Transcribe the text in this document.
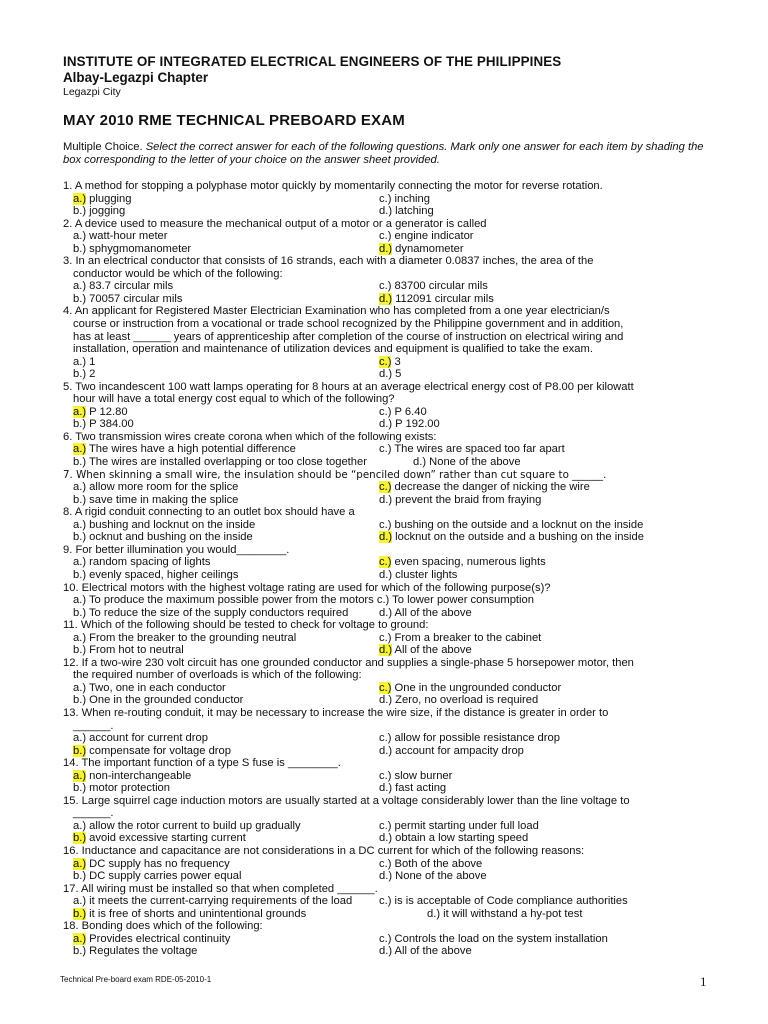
INSTITUTE OF INTEGRATED ELECTRICAL ENGINEERS OF THE PHILIPPINES
Albay-Legazpi Chapter
Legazpi City
MAY 2010 RME TECHNICAL PREBOARD EXAM
Multiple Choice. Select the correct answer for each of the following questions. Mark only one answer for each item by shading the box corresponding to the letter of your choice on the answer sheet provided.
1. A method for stopping a polyphase motor quickly by momentarily connecting the motor for reverse rotation.
a.) plugging	c.) inching
b.) jogging	d.) latching
2. A device used to measure the mechanical output of a motor or a generator is called
a.) watt-hour meter	c.) engine indicator
b.) sphygmomanometer	d.) dynamometer
3. In an electrical conductor that consists of 16 strands, each with a diameter 0.0837 inches, the area of the
conductor would be which of the following:
a.) 83.7 circular mils	c.) 83700 circular mils
b.) 70057 circular mils	d.) 112091 circular mils
4. An applicant for Registered Master Electrician Examination who has completed from a one year electrician/s
course or instruction from a vocational or trade school recognized by the Philippine government and in addition,
has at least ______ years of apprenticeship after completion of the course of instruction on electrical wiring and
installation, operation and maintenance of utilization devices and equipment is qualified to take the exam.
a.) 1	c.) 3
b.) 2	d.) 5
5. Two incandescent 100 watt lamps operating for 8 hours at an average electrical energy cost of P8.00 per kilowatt
hour will have a total energy cost equal to which of the following?
a.) P 12.80	c.) P 6.40
b.) P 384.00	d.) P 192.00
6. Two transmission wires create corona when which of the following exists:
a.) The wires have a high potential difference	c.) The wires are spaced too far apart
b.) The wires are installed overlapping or too close together	d.) None of the above
7. When skinning a small wire, the insulation should be “penciled down” rather than cut square to ______.
a.) allow more room for the splice	c.) decrease the danger of nicking the wire
b.) save time in making the splice	d.) prevent the braid from fraying
8. A rigid conduit connecting to an outlet box should have a
a.) bushing and locknut on the inside	c.) bushing on the outside and a locknut on the inside
b.) ocknut and bushing on the inside	d.) locknut on the outside and a bushing on the inside
9. For better illumination you would________.
a.) random spacing of lights	c.) even spacing, numerous lights
b.) evenly spaced, higher ceilings	d.) cluster lights
10. Electrical motors with the highest voltage rating are used for which of the following purpose(s)?
a.) To produce the maximum possible power from the motors c.) To lower power consumption
b.) To reduce the size of the supply conductors required	d.) All of the above
11. Which of the following should be tested to check for voltage to ground:
a.) From the breaker to the grounding neutral	c.) From a breaker to the cabinet
b.) From hot to neutral	d.) All of the above
12. If a two-wire 230 volt circuit has one grounded conductor and supplies a single-phase 5 horsepower motor, then
the required number of overloads is which of the following:
a.) Two, one in each conductor	c.) One in the ungrounded conductor
b.) One in the grounded conductor	d.) Zero, no overload is required
13. When re-routing conduit, it may be necessary to increase the wire size, if the distance is greater in order to
______.
a.) account for current drop	c.) allow for possible resistance drop
b.) compensate for voltage drop	d.) account for ampacity drop
14. The important function of a type S fuse is ________.
a.) non-interchangeable	c.) slow burner
b.) motor protection	d.) fast acting
15. Large squirrel cage induction motors are usually started at a voltage considerably lower than the line voltage to
______.
a.) allow the rotor current to build up gradually	c.) permit starting under full load
b.) avoid excessive starting current	d.) obtain a low starting speed
16. Inductance and capacitance are not considerations in a DC current for which of the following reasons:
a.) DC supply has no frequency	c.) Both of the above
b.) DC supply carries power equal	d.) None of the above
17. All wiring must be installed so that when completed ______.
a.) it meets the current-carrying requirements of the load	c.) is is acceptable of Code compliance authorities
b.) it is free of shorts and unintentional grounds	d.) it will withstand a hy-pot test
18. Bonding does which of the following:
a.) Provides electrical continuity	c.) Controls the load on the system installation
b.) Regulates the voltage	d.) All of the above
Technical Pre-board exam RDE-05-2010-1	1
